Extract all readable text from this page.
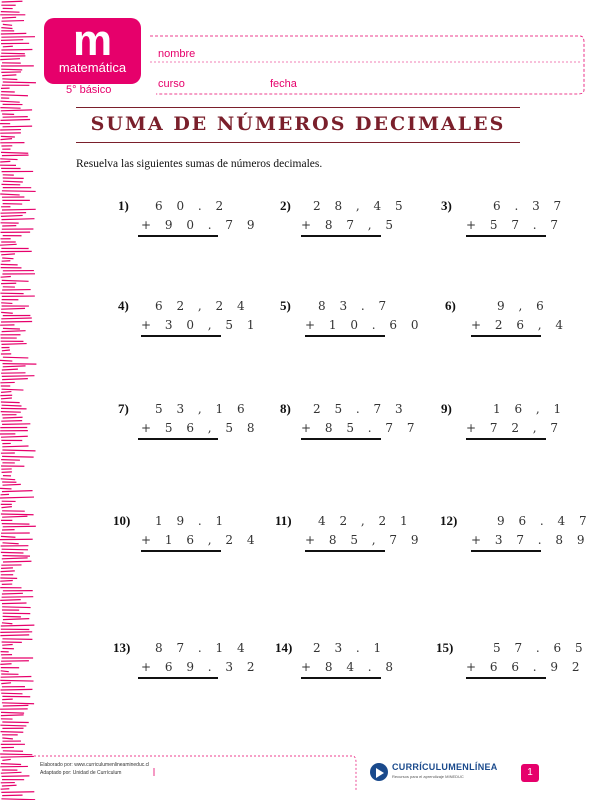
m
matemática
5° básico
nombre
curso	fecha
SUMA DE NÚMEROS DECIMALES
Resuelva las siguientes sumas de números decimales.
1) 6 0 . 2
+ 9 0 . 7 9
2) 2 8 , 4 5
+ 8 7 , 5
3)	6 . 3 7
+ 5 7 . 7
4) 6 2 , 2 4
+ 3 0 , 5 1
5) 8 3 . 7
+ 1 0 . 6 0
6)	9 , 6
+ 2 6 , 4
7) 5 3 , 1 6
+ 5 6 , 5 8
8) 2 5 . 7 3
+ 8 5 . 7 7
9)	1 6 , 1
+ 7 2 , 7
10) 1 9 . 1
+ 1 6 , 2 4
11) 4 2 , 2 1
+ 8 5 , 7 9
12)	9 6 . 4 7
+ 3 7 . 8 9
13) 8 7 . 1 4
+ 6 9 . 3 2
14) 2 3 . 1
+ 8 4 . 8
15)	5 7 . 6 5
+ 6 6 . 9 2
Elaborado por: www.curriculumenlineamineduc.cl
Adaptado por: Unidad de Currículum
CURRÍCULUMENLÍNEA
Recursos para el aprendizaje MINEDUC	1
